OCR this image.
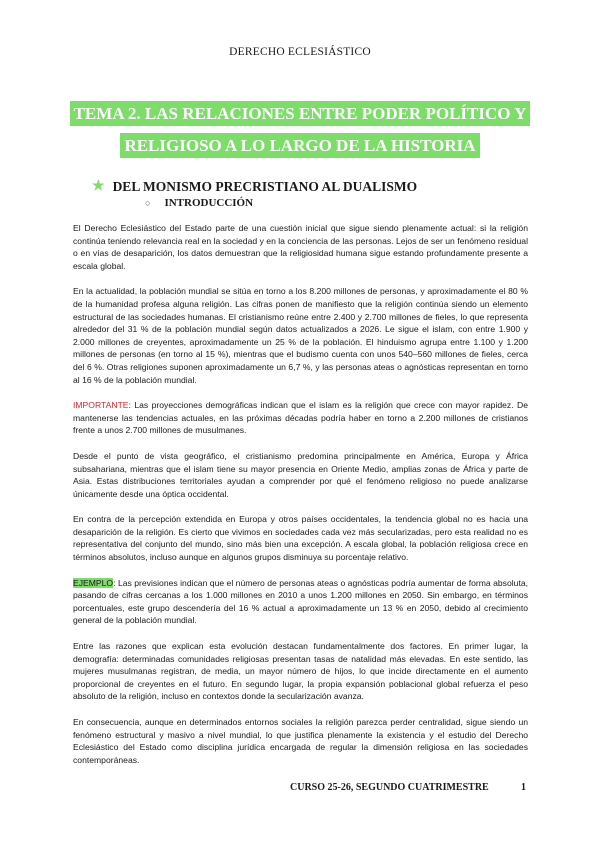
DERECHO ECLESIÁSTICO
TEMA 2. LAS RELACIONES ENTRE PODER POLÍTICO Y
RELIGIOSO A LO LARGO DE LA HISTORIA
★ DEL MONISMO PRECRISTIANO AL DUALISMO
○ INTRODUCCIÓN

El Derecho Eclesiástico del Estado parte de una cuestión inicial que sigue siendo plenamente actual: si la religión continúa teniendo relevancia real en la sociedad y en la conciencia de las personas. Lejos de ser un fenómeno residual o en vías de desaparición, los datos demuestran que la religiosidad humana sigue estando profundamente presente a escala global.

En la actualidad, la población mundial se sitúa en torno a los 8.200 millones de personas, y aproximadamente el 80 % de la humanidad profesa alguna religión. Las cifras ponen de manifiesto que la religión continúa siendo un elemento estructural de las sociedades humanas. El cristianismo reúne entre 2.400 y 2.700 millones de fieles, lo que representa alrededor del 31 % de la población mundial según datos actualizados a 2026. Le sigue el islam, con entre 1.900 y 2.000 millones de creyentes, aproximadamente un 25 % de la población. El hinduismo agrupa entre 1.100 y 1.200 millones de personas (en torno al 15 %), mientras que el budismo cuenta con unos 540–560 millones de fieles, cerca del 6 %. Otras religiones suponen aproximadamente un 6,7 %, y las personas ateas o agnósticas representan en torno al 16 % de la población mundial.

IMPORTANTE: Las proyecciones demográficas indican que el islam es la religión que crece con mayor rapidez. De mantenerse las tendencias actuales, en las próximas décadas podría haber en torno a 2.200 millones de cristianos frente a unos 2.700 millones de musulmanes.

Desde el punto de vista geográfico, el cristianismo predomina principalmente en América, Europa y África subsahariana, mientras que el islam tiene su mayor presencia en Oriente Medio, amplias zonas de África y parte de Asia. Estas distribuciones territoriales ayudan a comprender por qué el fenómeno religioso no puede analizarse únicamente desde una óptica occidental.

En contra de la percepción extendida en Europa y otros países occidentales, la tendencia global no es hacia una desaparición de la religión. Es cierto que vivimos en sociedades cada vez más secularizadas, pero esta realidad no es representativa del conjunto del mundo, sino más bien una excepción. A escala global, la población religiosa crece en términos absolutos, incluso aunque en algunos grupos disminuya su porcentaje relativo.

EJEMPLO: Las previsiones indican que el número de personas ateas o agnósticas podría aumentar de forma absoluta, pasando de cifras cercanas a los 1.000 millones en 2010 a unos 1.200 millones en 2050. Sin embargo, en términos porcentuales, este grupo descendería del 16 % actual a aproximadamente un 13 % en 2050, debido al crecimiento general de la población mundial.

Entre las razones que explican esta evolución destacan fundamentalmente dos factores. En primer lugar, la demografía: determinadas comunidades religiosas presentan tasas de natalidad más elevadas. En este sentido, las mujeres musulmanas registran, de media, un mayor número de hijos, lo que incide directamente en el aumento proporcional de creyentes en el futuro. En segundo lugar, la propia expansión poblacional global refuerza el peso absoluto de la religión, incluso en contextos donde la secularización avanza.

En consecuencia, aunque en determinados entornos sociales la religión parezca perder centralidad, sigue siendo un fenómeno estructural y masivo a nivel mundial, lo que justifica plenamente la existencia y el estudio del Derecho Eclesiástico del Estado como disciplina jurídica encargada de regular la dimensión religiosa en las sociedades contemporáneas.

CURSO 25-26, SEGUNDO CUATRIMESTRE	1
